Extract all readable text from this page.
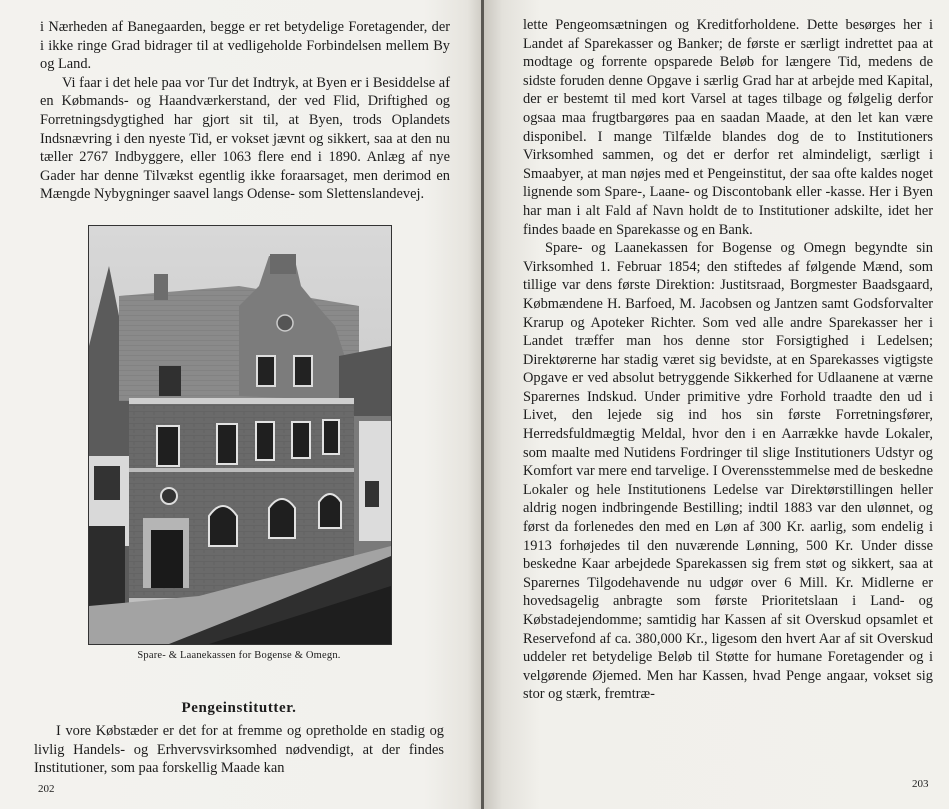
i Nærheden af Banegaarden, begge er ret betydelige Foretagender, der i ikke ringe Grad bidrager til at vedligeholde Forbindelsen mellem By og Land.

Vi faar i det hele paa vor Tur det Indtryk, at Byen er i Besiddelse af en Købmands- og Haandværkerstand, der ved Flid, Driftighed og Forretningsdygtighed har gjort sit til, at Byen, trods Oplandets Indsnævring i den nyeste Tid, er vokset jævnt og sikkert, saa at den nu tæller 2767 Indbyggere, eller 1063 flere end i 1890. Anlæg af nye Gader har denne Tilvækst egentlig ikke foraarsaget, men derimod en Mængde Nybygninger saavel langs Odense- som Slettenslandevej.

Spare- & Laanekassen for Bogense & Omegn.
Pengeinstitutter.

I vore Købstæder er det for at fremme og opretholde en stadig og livlig Handels- og Erhvervsvirksomhed nødvendigt, at der findes Institutioner, som paa forskellig Maade kan

202

lette Pengeomsætningen og Kreditforholdene. Dette besørges her i Landet af Sparekasser og Banker; de første er særligt indrettet paa at modtage og forrente opsparede Beløb for længere Tid, medens de sidste foruden denne Opgave i særlig Grad har at arbejde med Kapital, der er bestemt til med kort Varsel at tages tilbage og følgelig derfor ogsaa maa frugtbargøres paa en saadan Maade, at den let kan være disponibel. I mange Tilfælde blandes dog de to Institutioners Virksomhed sammen, og det er derfor ret almindeligt, særligt i Smaabyer, at man nøjes med et Pengeinstitut, der saa ofte kaldes noget lignende som Spare-, Laane- og Discontobank eller -kasse. Her i Byen har man i alt Fald af Navn holdt de to Institutioner adskilte, idet her findes baade en Sparekasse og en Bank.

Spare- og Laanekassen for Bogense og Omegn begyndte sin Virksomhed 1. Februar 1854; den stiftedes af følgende Mænd, som tillige var dens første Direktion: Justitsraad, Borgmester Baadsgaard, Købmændene H. Barfoed, M. Jacobsen og Jantzen samt Godsforvalter Krarup og Apoteker Richter. Som ved alle andre Sparekasser her i Landet træffer man hos denne stor Forsigtighed i Ledelsen; Direktørerne har stadig været sig bevidste, at en Sparekasses vigtigste Opgave er ved absolut betryggende Sikkerhed for Udlaanene at værne Sparernes Indskud. Under primitive ydre Forhold traadte den ud i Livet, den lejede sig ind hos sin første Forretningsfører, Herredsfuldmægtig Meldal, hvor den i en Aarrække havde Lokaler, som maalte med Nutidens Fordringer til slige Institutioners Udstyr og Komfort var mere end tarvelige. I Overensstemmelse med de beskedne Lokaler og hele Institutionens Ledelse var Direktørstillingen heller aldrig nogen indbringende Bestilling; indtil 1883 var den ulønnet, og først da forlenedes den med en Løn af 300 Kr. aarlig, som endelig i 1913 forhøjedes til den nuværende Lønning, 500 Kr. Under disse beskedne Kaar arbejdede Sparekassen sig frem støt og sikkert, saa at Sparernes Tilgodehavende nu udgør over 6 Mill. Kr. Midlerne er hovedsagelig anbragte som første Prioritetslaan i Land- og Købstadejendomme; samtidig har Kassen af sit Overskud opsamlet et Reservefond af ca. 380,000 Kr., ligesom den hvert Aar af sit Overskud uddeler ret betydelige Beløb til Støtte for humane Foretagender og i velgørende Øjemed. Men har Kassen, hvad Penge angaar, vokset sig stor og stærk, fremtræ-

203
